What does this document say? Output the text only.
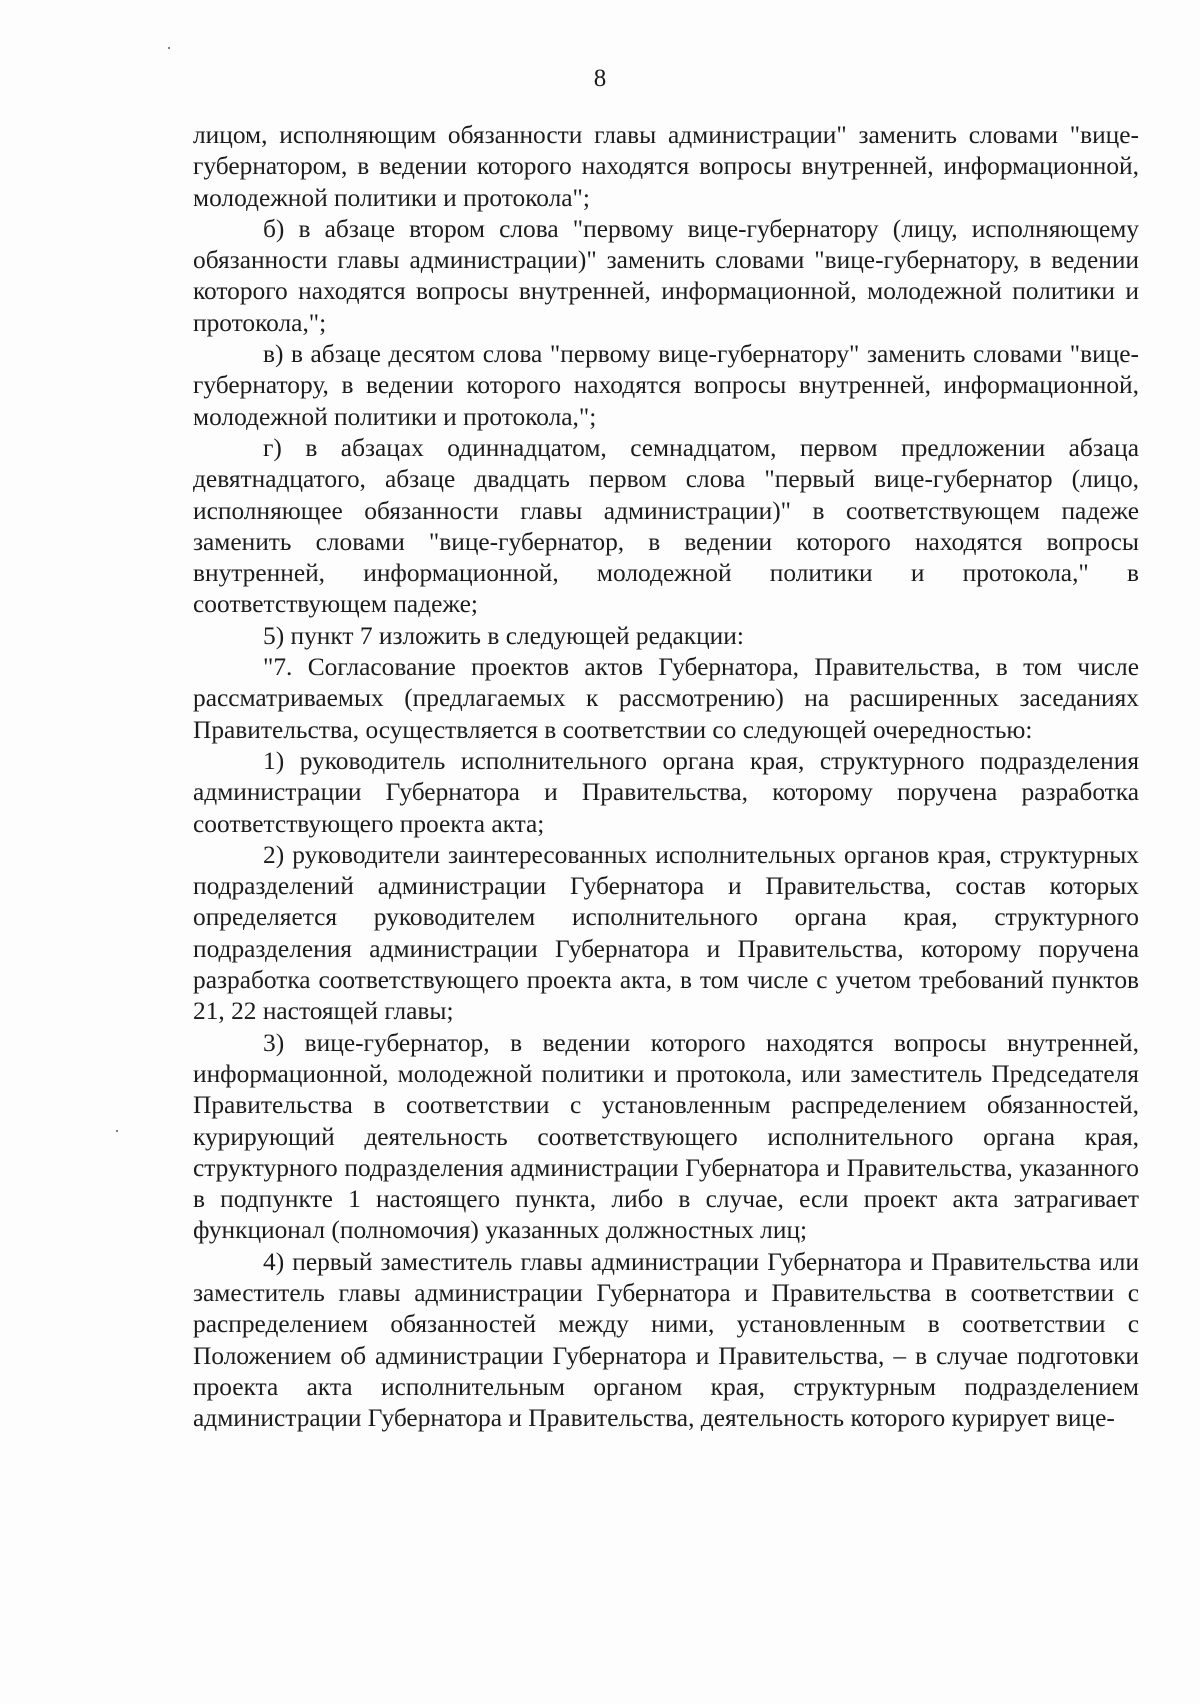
8

лицом, исполняющим обязанности главы администрации" заменить словами "вице-губернатором, в ведении которого находятся вопросы внутренней, информационной, молодежной политики и протокола";

б) в абзаце втором слова "первому вице-губернатору (лицу, исполняющему обязанности главы администрации)" заменить словами "вице-губернатору, в ведении которого находятся вопросы внутренней, информационной, молодежной политики и протокола,";

в) в абзаце десятом слова "первому вице-губернатору" заменить словами "вице-губернатору, в ведении которого находятся вопросы внутренней, информационной, молодежной политики и протокола,";

г) в абзацах одиннадцатом, семнадцатом, первом предложении абзаца девятнадцатого, абзаце двадцать первом слова "первый вице-губернатор (лицо, исполняющее обязанности главы администрации)" в соответствующем падеже заменить словами "вице-губернатор, в ведении которого находятся вопросы внутренней, информационной, молодежной политики и протокола," в соответствующем падеже;

5) пункт 7 изложить в следующей редакции:

"7. Согласование проектов актов Губернатора, Правительства, в том числе рассматриваемых (предлагаемых к рассмотрению) на расширенных заседаниях Правительства, осуществляется в соответствии со следующей очередностью:

1) руководитель исполнительного органа края, структурного подразделения администрации Губернатора и Правительства, которому поручена разработка соответствующего проекта акта;

2) руководители заинтересованных исполнительных органов края, структурных подразделений администрации Губернатора и Правительства, состав которых определяется руководителем исполнительного органа края, структурного подразделения администрации Губернатора и Правительства, которому поручена разработка соответствующего проекта акта, в том числе с учетом требований пунктов 21, 22 настоящей главы;

3) вице-губернатор, в ведении которого находятся вопросы внутренней, информационной, молодежной политики и протокола, или заместитель Председателя Правительства в соответствии с установленным распределением обязанностей, курирующий деятельность соответствующего исполнительного органа края, структурного подразделения администрации Губернатора и Правительства, указанного в подпункте 1 настоящего пункта, либо в случае, если проект акта затрагивает функционал (полномочия) указанных должностных лиц;

4) первый заместитель главы администрации Губернатора и Правительства или заместитель главы администрации Губернатора и Правительства в соответствии с распределением обязанностей между ними, установленным в соответствии с Положением об администрации Губернатора и Правительства, – в случае подготовки проекта акта исполнительным органом края, структурным подразделением администрации Губернатора и Правительства, деятельность которого курирует вице-
